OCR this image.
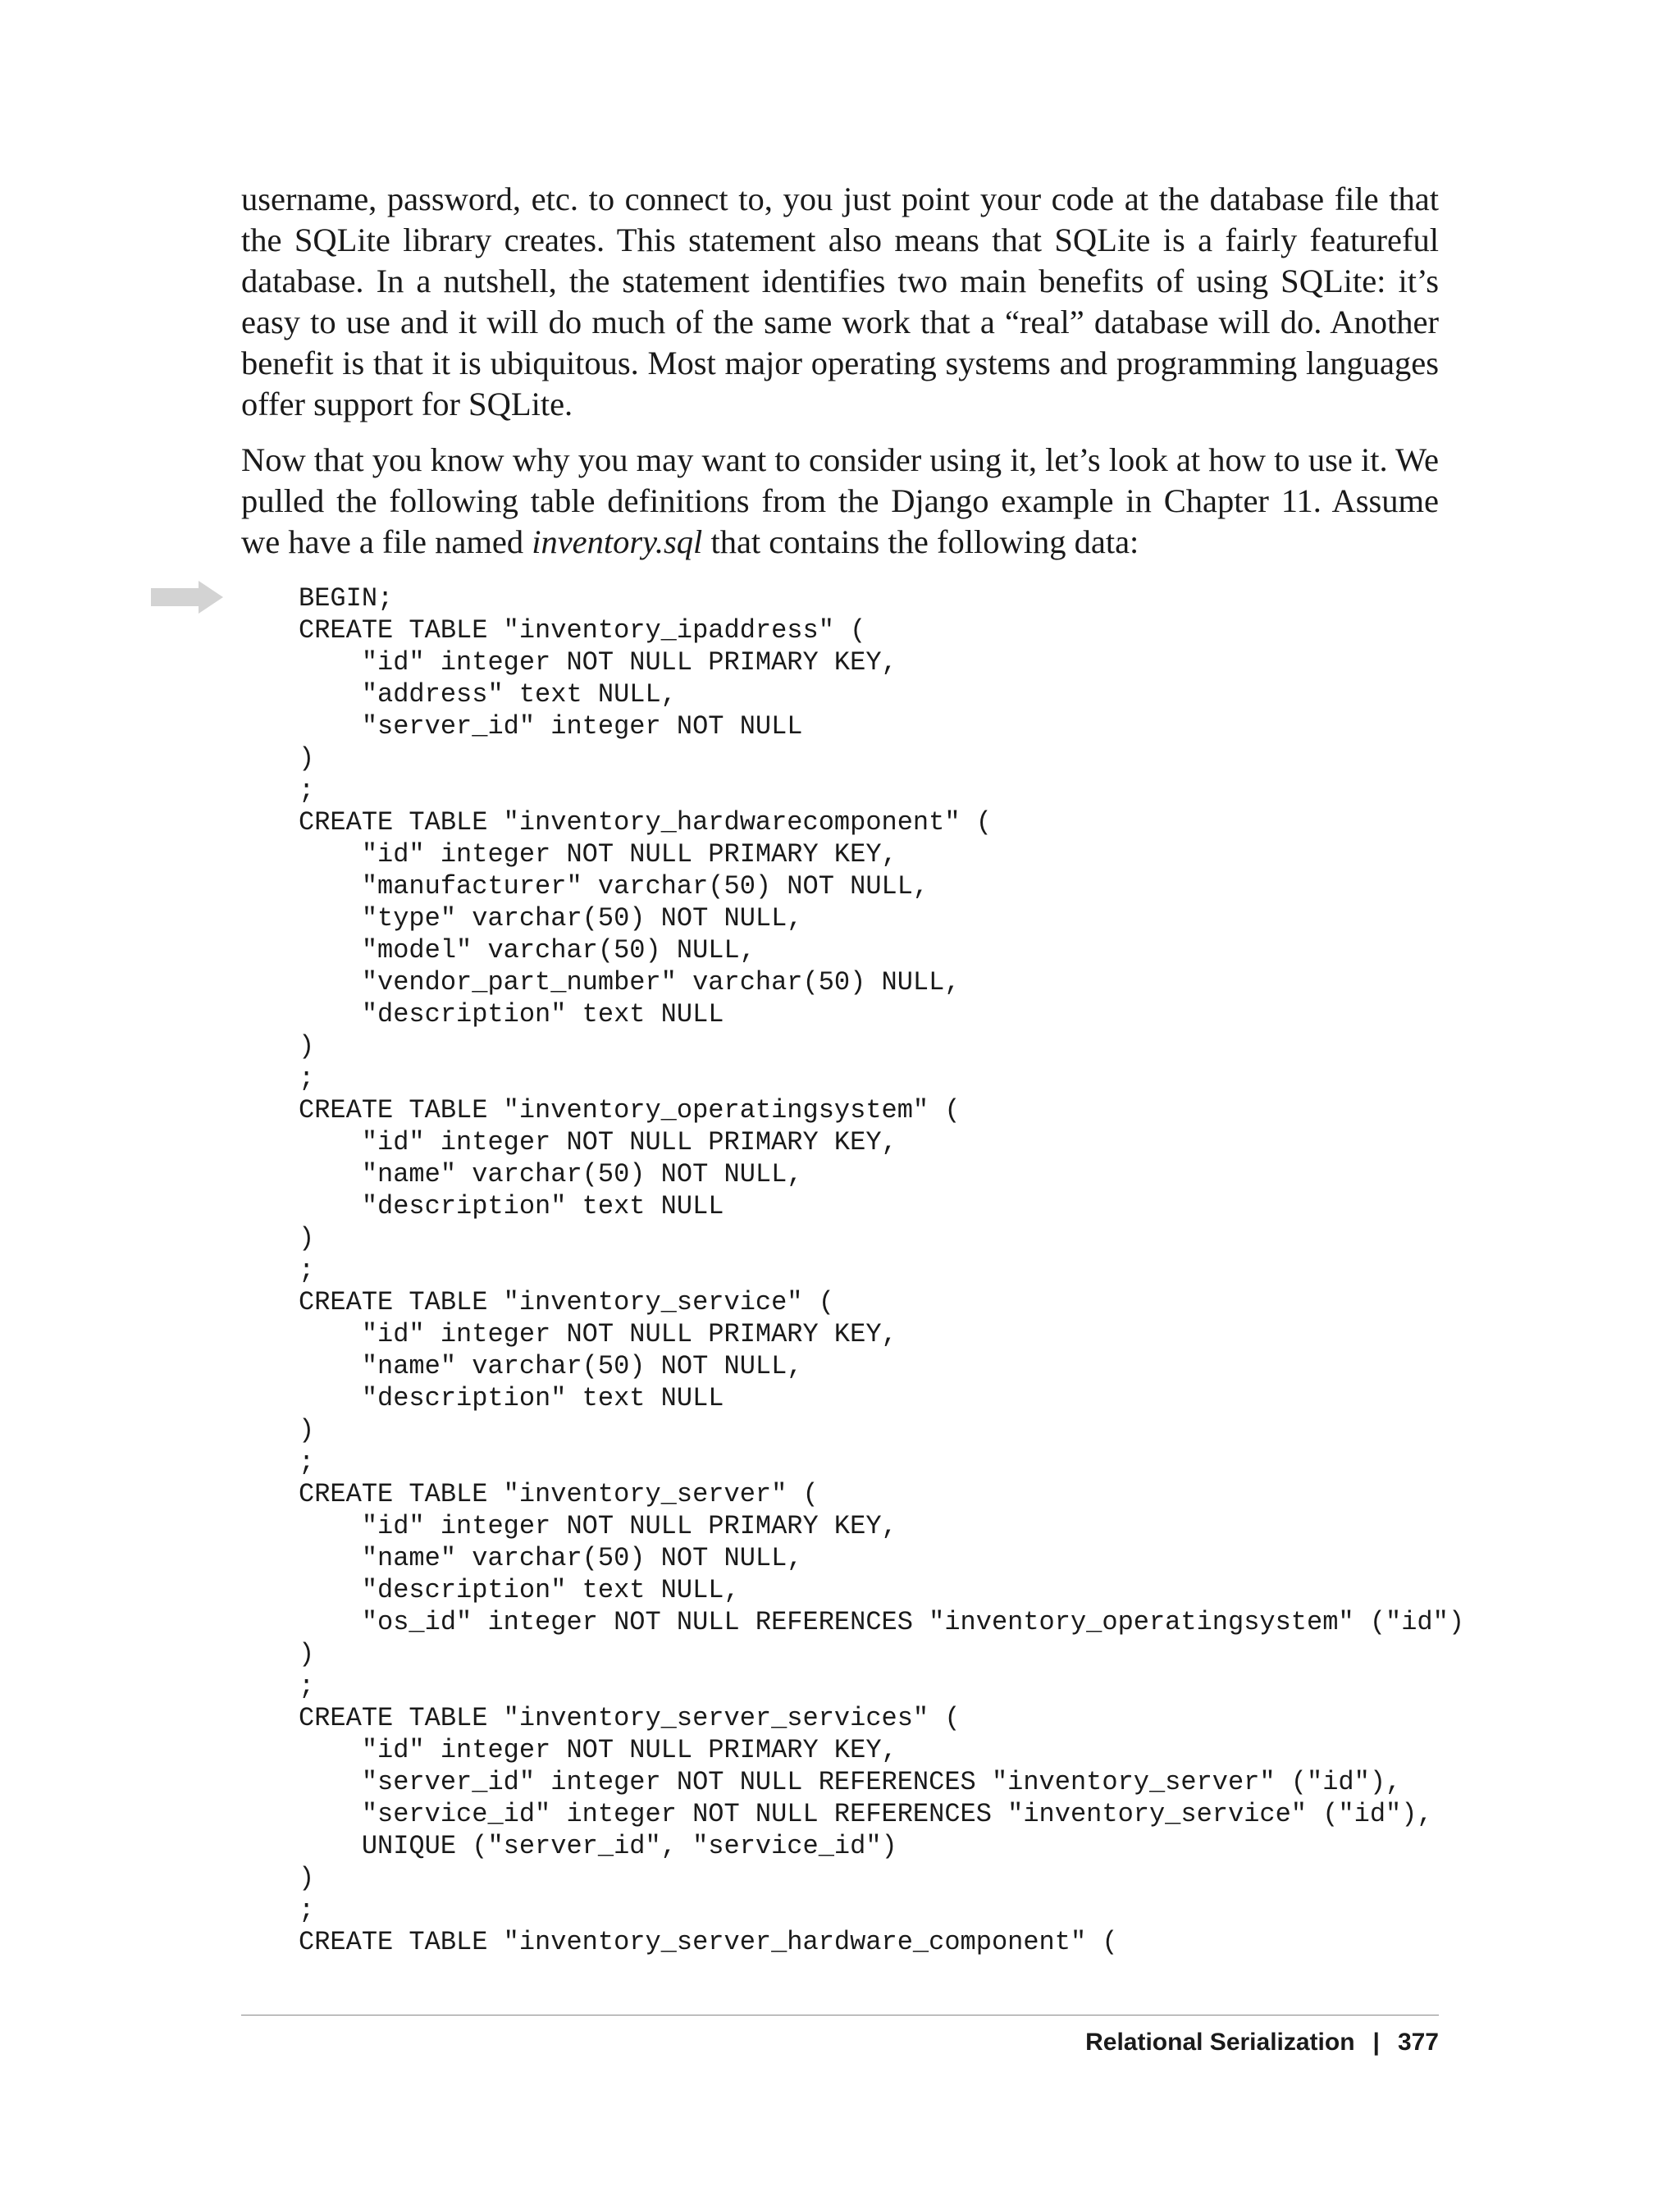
username, password, etc. to connect to, you just point your code at the database file that the SQLite library creates. This statement also means that SQLite is a fairly featureful database. In a nutshell, the statement identifies two main benefits of using SQLite: it’s easy to use and it will do much of the same work that a “real” database will do. Another benefit is that it is ubiquitous. Most major operating systems and programming languages offer support for SQLite.

Now that you know why you may want to consider using it, let’s look at how to use it. We pulled the following table definitions from the Django example in Chapter 11. Assume we have a file named inventory.sql that contains the following data:

BEGIN;
CREATE TABLE "inventory_ipaddress" (
"id" integer NOT NULL PRIMARY KEY,
"address" text NULL,
"server_id" integer NOT NULL
)
;
CREATE TABLE "inventory_hardwarecomponent" (
"id" integer NOT NULL PRIMARY KEY,
"manufacturer" varchar(50) NOT NULL,
"type" varchar(50) NOT NULL,
"model" varchar(50) NULL,
"vendor_part_number" varchar(50) NULL,
"description" text NULL
)
;
CREATE TABLE "inventory_operatingsystem" (
"id" integer NOT NULL PRIMARY KEY,
"name" varchar(50) NOT NULL,
"description" text NULL
)
;
CREATE TABLE "inventory_service" (
"id" integer NOT NULL PRIMARY KEY,
"name" varchar(50) NOT NULL,
"description" text NULL
)
;
CREATE TABLE "inventory_server" (
"id" integer NOT NULL PRIMARY KEY,
"name" varchar(50) NOT NULL,
"description" text NULL,
"os_id" integer NOT NULL REFERENCES "inventory_operatingsystem" ("id")
)
;
CREATE TABLE "inventory_server_services" (
"id" integer NOT NULL PRIMARY KEY,
"server_id" integer NOT NULL REFERENCES "inventory_server" ("id"),
"service_id" integer NOT NULL REFERENCES "inventory_service" ("id"),
UNIQUE ("server_id", "service_id")
)
;
CREATE TABLE "inventory_server_hardware_component" (
Relational Serialization | 377
